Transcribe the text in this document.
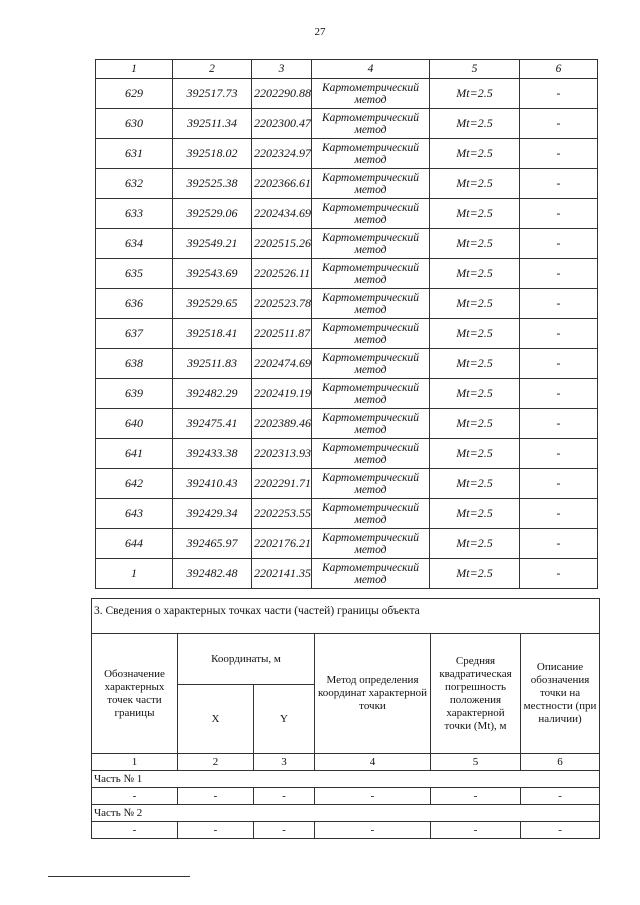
27
1	2	3	4	5	6
629	392517.73	2202290.88	Картометрический метод	Mt=2.5	-
630	392511.34	2202300.47	Картометрический метод	Mt=2.5	-
631	392518.02	2202324.97	Картометрический метод	Mt=2.5	-
632	392525.38	2202366.61	Картометрический метод	Mt=2.5	-
633	392529.06	2202434.69	Картометрический метод	Mt=2.5	-
634	392549.21	2202515.26	Картометрический метод	Mt=2.5	-
635	392543.69	2202526.11	Картометрический метод	Mt=2.5	-
636	392529.65	2202523.78	Картометрический метод	Mt=2.5	-
637	392518.41	2202511.87	Картометрический метод	Mt=2.5	-
638	392511.83	2202474.69	Картометрический метод	Mt=2.5	-
639	392482.29	2202419.19	Картометрический метод	Mt=2.5	-
640	392475.41	2202389.46	Картометрический метод	Mt=2.5	-
641	392433.38	2202313.93	Картометрический метод	Mt=2.5	-
642	392410.43	2202291.71	Картометрический метод	Mt=2.5	-
643	392429.34	2202253.55	Картометрический метод	Mt=2.5	-
644	392465.97	2202176.21	Картометрический метод	Mt=2.5	-
1	392482.48	2202141.35	Картометрический метод	Mt=2.5	-
3. Сведения о характерных точках части (частей) границы объекта					
Обозначение характерных точек части границы	Координаты, м		Метод определения координат характерной точки	Средняя квадратическая погрешность положения характерной точки (Mt), м	Описание обозначения точки на местности (при наличии)
	X	Y			
1	2	3	4	5	6
Часть № 1					
-	-	-	-	-	-
Часть № 2					
-	-	-	-	-	-
